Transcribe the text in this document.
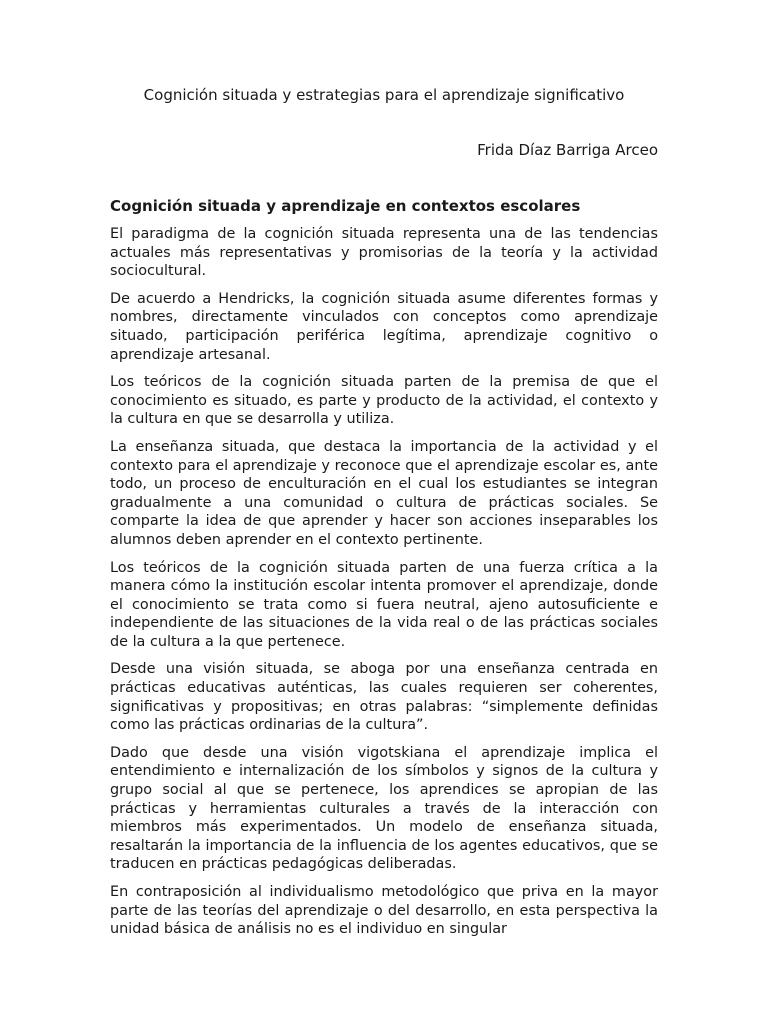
Cognición situada y estrategias para el aprendizaje significativo
Frida Díaz Barriga Arceo
Cognición situada y aprendizaje en contextos escolares

El paradigma de la cognición situada representa una de las tendencias actuales más representativas y promisorias de la teoría y la actividad sociocultural.

De acuerdo a Hendricks, la cognición situada asume diferentes formas y nombres, directamente vinculados con conceptos como aprendizaje situado, participación periférica legítima, aprendizaje cognitivo o aprendizaje artesanal.

Los teóricos de la cognición situada parten de la premisa de que el conocimiento es situado, es parte y producto de la actividad, el contexto y la cultura en que se desarrolla y utiliza.

La enseñanza situada, que destaca la importancia de la actividad y el contexto para el aprendizaje y reconoce que el aprendizaje escolar es, ante todo, un proceso de enculturación en el cual los estudiantes se integran gradualmente a una comunidad o cultura de prácticas sociales. Se comparte la idea de que aprender y hacer son acciones inseparables los alumnos deben aprender en el contexto pertinente.

Los teóricos de la cognición situada parten de una fuerza crítica a la manera cómo la institución escolar intenta promover el aprendizaje, donde el conocimiento se trata como si fuera neutral, ajeno autosuficiente e independiente de las situaciones de la vida real o de las prácticas sociales de la cultura a la que pertenece.

Desde una visión situada, se aboga por una enseñanza centrada en prácticas educativas auténticas, las cuales requieren ser coherentes, significativas y propositivas; en otras palabras: “simplemente definidas como las prácticas ordinarias de la cultura”.

Dado que desde una visión vigotskiana el aprendizaje implica el entendimiento e internalización de los símbolos y signos de la cultura y grupo social al que se pertenece, los aprendices se apropian de las prácticas y herramientas culturales a través de la interacción con miembros más experimentados. Un modelo de enseñanza situada, resaltarán la importancia de la influencia de los agentes educativos, que se traducen en prácticas pedagógicas deliberadas.

En contraposición al individualismo metodológico que priva en la mayor parte de las teorías del aprendizaje o del desarrollo, en esta perspectiva la unidad básica de análisis no es el individuo en singular
